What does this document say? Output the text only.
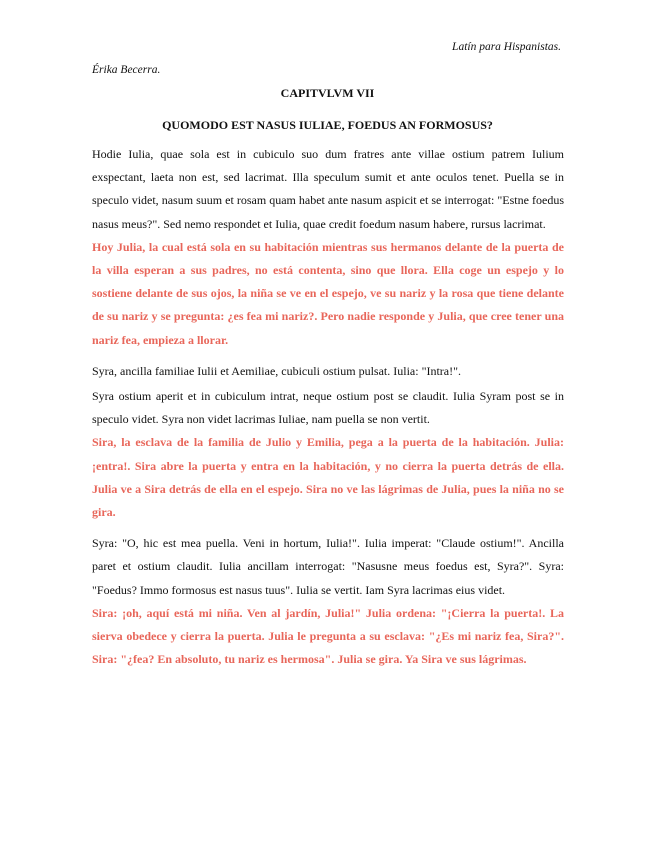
Latín para Hispanistas.
Érika Becerra.
CAPITVLVM VII
QUOMODO EST NASUS IULIAE, FOEDUS AN FORMOSUS?

Hodie Iulia, quae sola est in cubiculo suo dum fratres ante villae ostium patrem Iulium exspectant, laeta non est, sed lacrimat. Illa speculum sumit et ante oculos tenet. Puella se in speculo videt, nasum suum et rosam quam habet ante nasum aspicit et se interrogat: "Estne foedus nasus meus?". Sed nemo respondet et Iulia, quae credit foedum nasum habere, rursus lacrimat.

Hoy Julia, la cual está sola en su habitación mientras sus hermanos delante de la puerta de la villa esperan a sus padres, no está contenta, sino que llora. Ella coge un espejo y lo sostiene delante de sus ojos, la niña se ve en el espejo, ve su nariz y la rosa que tiene delante de su nariz y se pregunta: ¿es fea mi nariz?. Pero nadie responde y Julia, que cree tener una nariz fea, empieza a llorar.

Syra, ancilla familiae Iulii et Aemiliae, cubiculi ostium pulsat. Iulia: "Intra!".

Syra ostium aperit et in cubiculum intrat, neque ostium post se claudit. Iulia Syram post se in speculo videt. Syra non videt lacrimas Iuliae, nam puella se non vertit.

Sira, la esclava de la familia de Julio y Emilia, pega a la puerta de la habitación. Julia: ¡entra!. Sira abre la puerta y entra en la habitación, y no cierra la puerta detrás de ella. Julia ve a Sira detrás de ella en el espejo. Sira no ve las lágrimas de Julia, pues la niña no se gira.

Syra: "O, hic est mea puella. Veni in hortum, Iulia!". Iulia imperat: "Claude ostium!". Ancilla paret et ostium claudit. Iulia ancillam interrogat: "Nasusne meus foedus est, Syra?". Syra: "Foedus? Immo formosus est nasus tuus". Iulia se vertit. Iam Syra lacrimas eius videt.

Sira: ¡oh, aquí está mi niña. Ven al jardín, Julia!" Julia ordena: "¡Cierra la puerta!. La sierva obedece y cierra la puerta. Julia le pregunta a su esclava: "¿Es mi nariz fea, Sira?". Sira: "¿fea? En absoluto, tu nariz es hermosa". Julia se gira. Ya Sira ve sus lágrimas.
